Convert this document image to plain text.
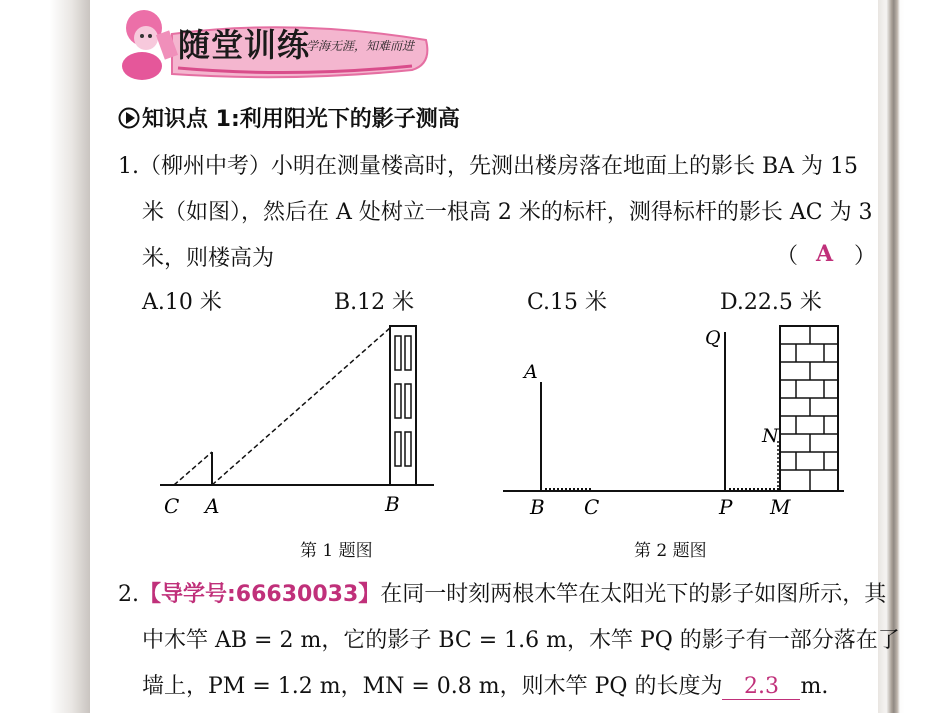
随堂训练
学海无涯，知难而进
知识点 1:利用阳光下的影子测高
1.（柳州中考）小明在测量楼高时，先测出楼房落在地面上的影长 BA 为 15
米（如图），然后在 A 处树立一根高 2 米的标杆，测得标杆的影长 AC 为 3
米，则楼高为	（ A ）
A.10 米	B.12 米	C.15 米	D.22.5 米
C A	B
第 1 题图
A
B C
Q
N
P M
第 2 题图
2.【导学号:66630033】在同一时刻两根木竿在太阳光下的影子如图所示，其
中木竿 AB = 2 m，它的影子 BC = 1.6 m，木竿 PQ 的影子有一部分落在了
墙上，PM = 1.2 m，MN = 0.8 m，则木竿 PQ 的长度为 2.3 m.
